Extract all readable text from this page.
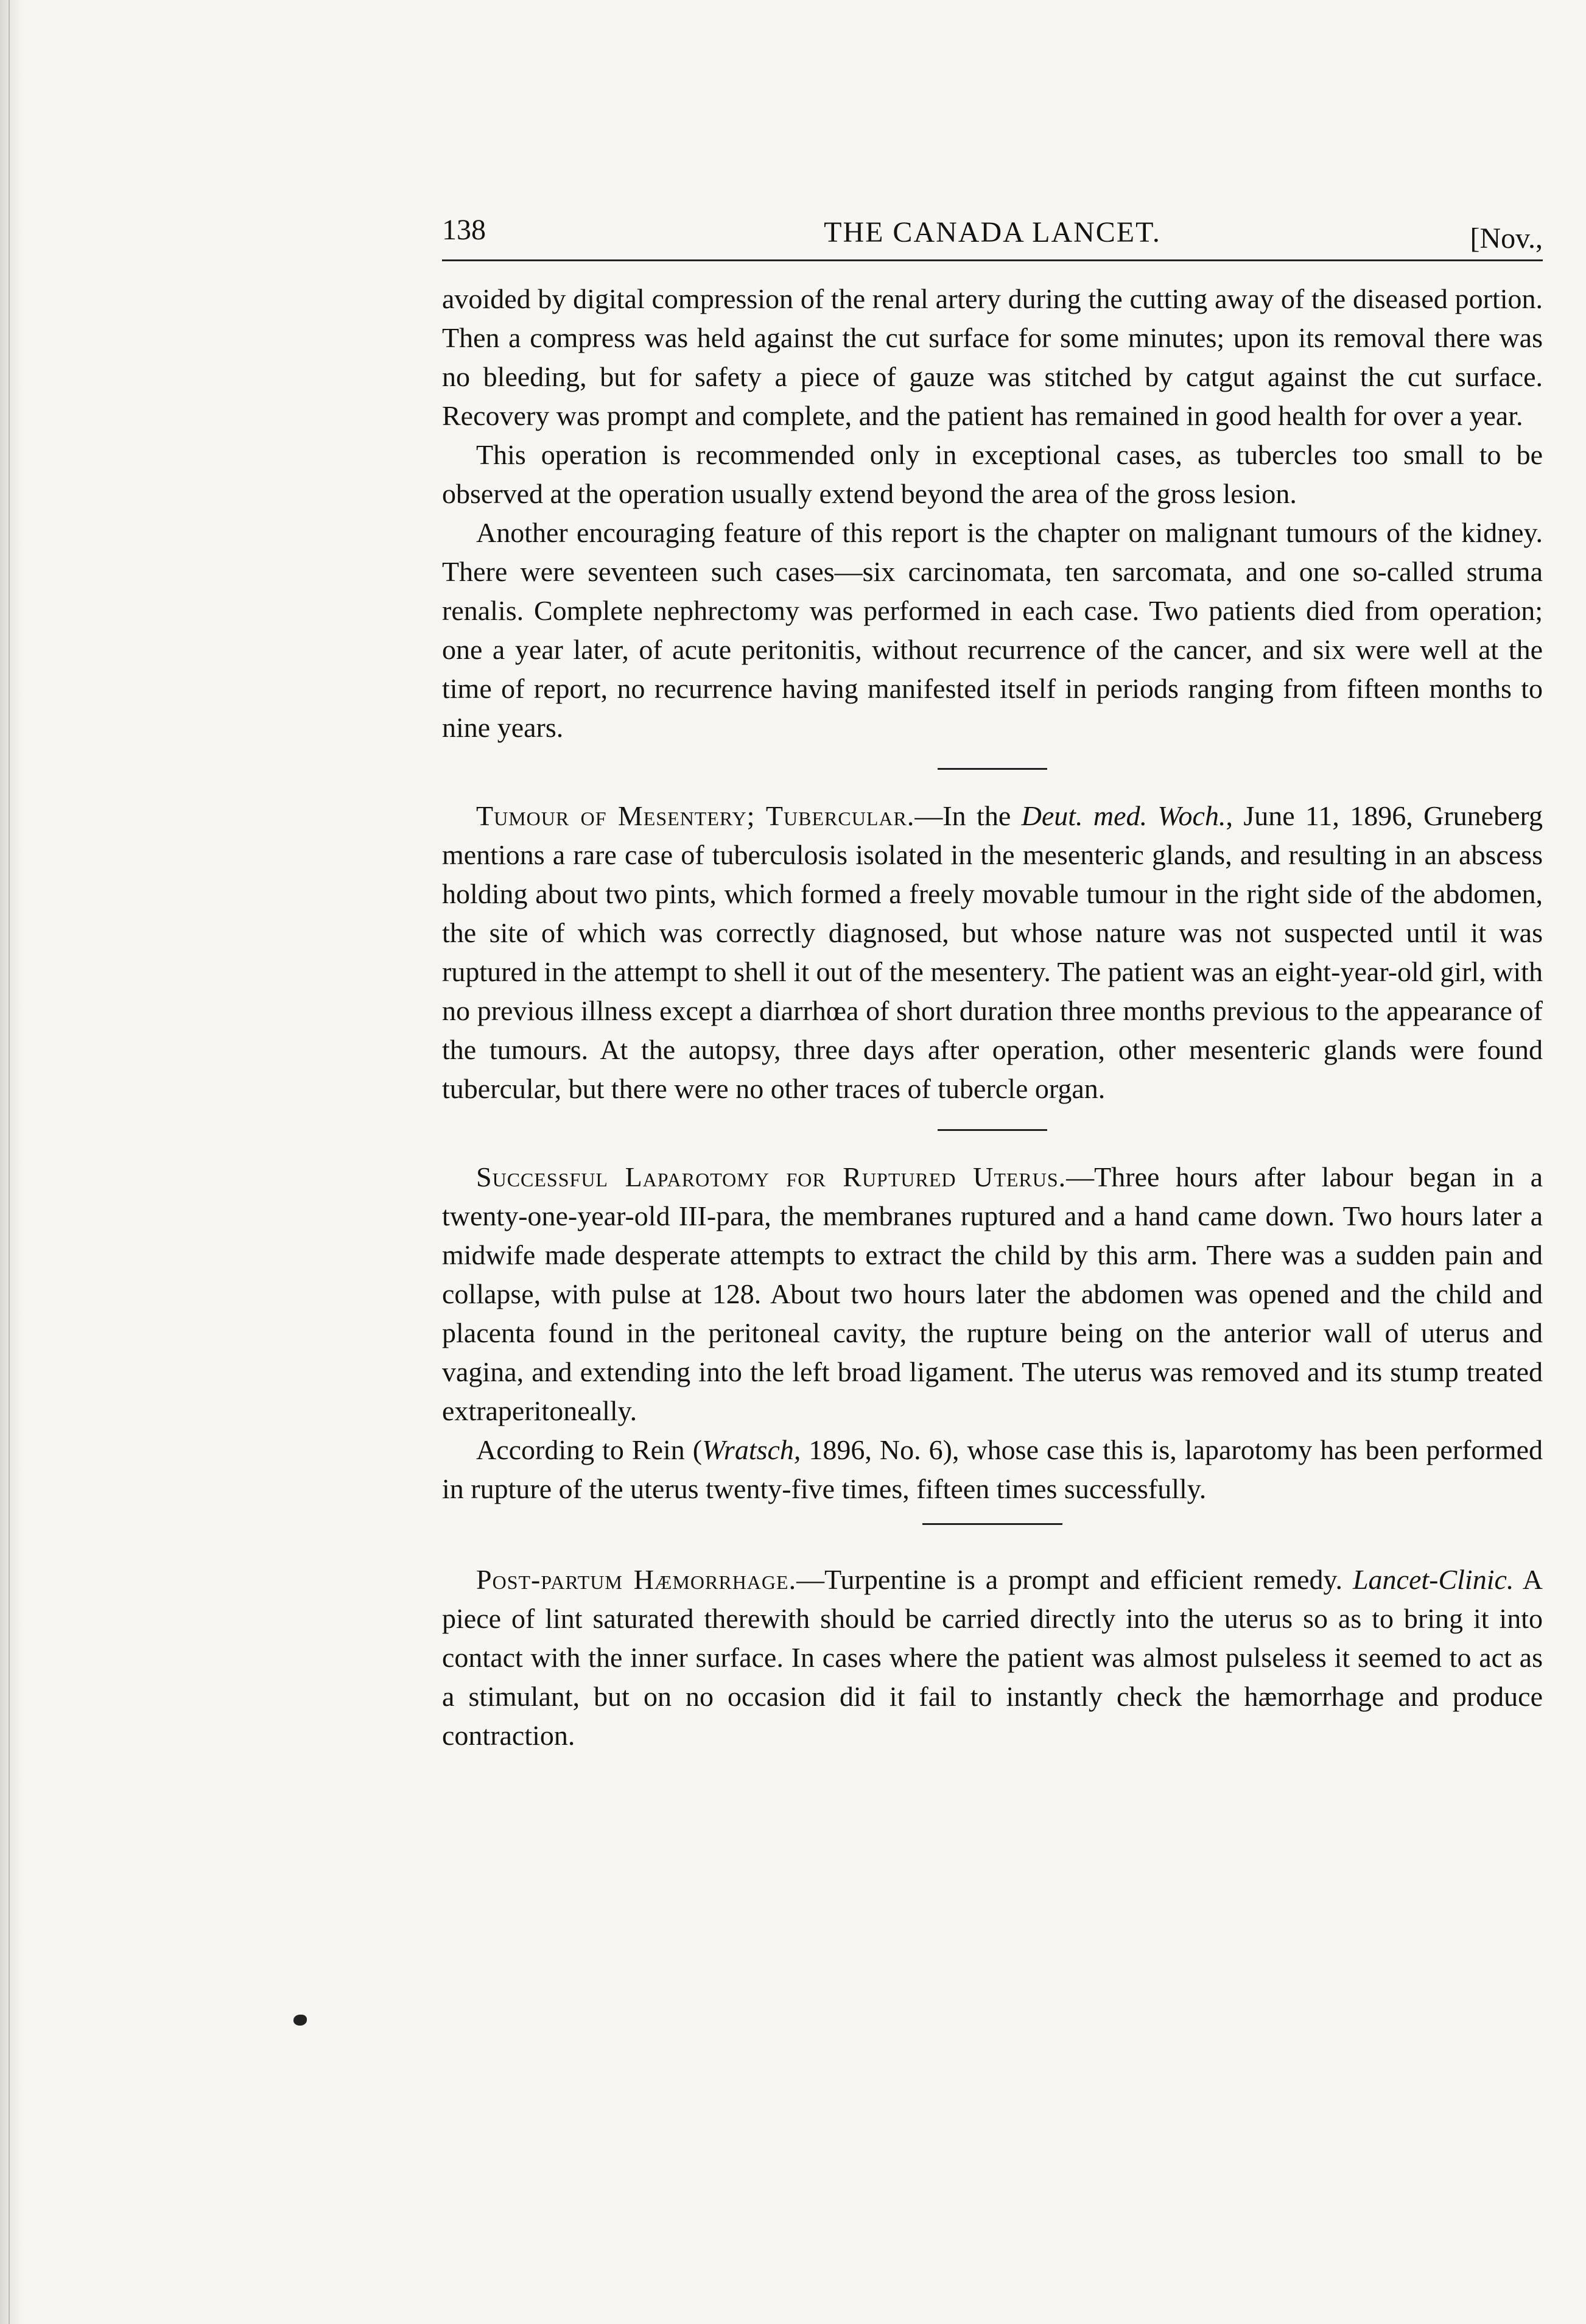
138	THE CANADA LANCET.	[Nov.,

avoided by digital compression of the renal artery during the cutting away of the diseased portion. Then a compress was held against the cut surface for some minutes; upon its removal there was no bleeding, but for safety a piece of gauze was stitched by catgut against the cut surface. Recovery was prompt and complete, and the patient has remained in good health for over a year.

This operation is recommended only in exceptional cases, as tubercles too small to be observed at the operation usually extend beyond the area of the gross lesion.

Another encouraging feature of this report is the chapter on malignant tumours of the kidney. There were seventeen such cases—six carcinomata, ten sarcomata, and one so-called struma renalis. Complete nephrectomy was performed in each case. Two patients died from operation; one a year later, of acute peritonitis, without recurrence of the cancer, and six were well at the time of report, no recurrence having manifested itself in periods ranging from fifteen months to nine years.

Tumour of Mesentery; Tubercular.—In the Deut. med. Woch., June 11, 1896, Gruneberg mentions a rare case of tuberculosis isolated in the mesenteric glands, and resulting in an abscess holding about two pints, which formed a freely movable tumour in the right side of the abdomen, the site of which was correctly diagnosed, but whose nature was not suspected until it was ruptured in the attempt to shell it out of the mesentery. The patient was an eight-year-old girl, with no previous illness except a diarrhœa of short duration three months previous to the appearance of the tumours. At the autopsy, three days after operation, other mesenteric glands were found tubercular, but there were no other traces of tubercle organ.

Successful Laparotomy for Ruptured Uterus.—Three hours after labour began in a twenty-one-year-old III-para, the membranes ruptured and a hand came down. Two hours later a midwife made desperate attempts to extract the child by this arm. There was a sudden pain and collapse, with pulse at 128. About two hours later the abdomen was opened and the child and placenta found in the peritoneal cavity, the rupture being on the anterior wall of uterus and vagina, and extending into the left broad ligament. The uterus was removed and its stump treated extraperitoneally.

According to Rein (Wratsch, 1896, No. 6), whose case this is, laparotomy has been performed in rupture of the uterus twenty-five times, fifteen times successfully.

Post-partum Hæmorrhage.—Turpentine is a prompt and efficient remedy. Lancet-Clinic. A piece of lint saturated therewith should be carried directly into the uterus so as to bring it into contact with the inner surface. In cases where the patient was almost pulseless it seemed to act as a stimulant, but on no occasion did it fail to instantly check the hæmorrhage and produce contraction.
